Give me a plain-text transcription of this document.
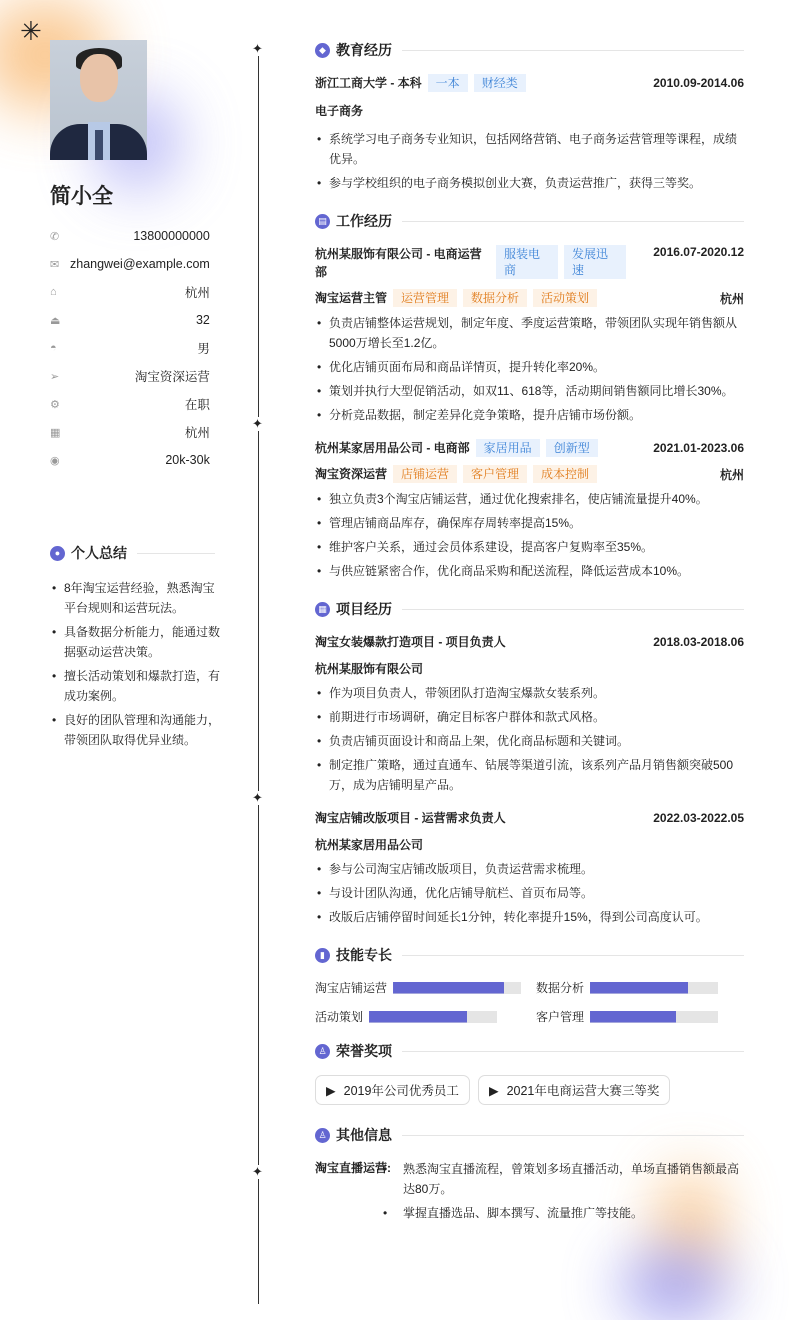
✳
简小全
✆	13800000000
✉ zhangwei@example.com
⌂	杭州
⏏	32
◓	男
➢	淘宝资深运营
⚙	在职
▦	杭州
◉	20k-30k
● 个人总结
• 8年淘宝运营经验，熟悉淘宝平台规则和运营玩法。
• 具备数据分析能力，能通过数据驱动运营决策。
• 擅长活动策划和爆款打造，有成功案例。
• 良好的团队管理和沟通能力，带领团队取得优异业绩。
✦
✦
✦
✦
◆ 教育经历
浙江工商大学 - 本科 一本 财经类	2010.09-2014.06
电子商务
• 系统学习电子商务专业知识，包括网络营销、电子商务运营管理等课程，成绩优异。
• 参与学校组织的电子商务模拟创业大赛，负责运营推广，获得三等奖。
▤ 工作经历
杭州某服饰有限公司 - 电商运营部
服装电商
发展迅速
2016.07-2020.12
淘宝运营主管 运营管理 数据分析 活动策划	杭州
• 负责店铺整体运营规划，制定年度、季度运营策略，带领团队实现年销售额从5000万增长至1.2亿。
• 优化店铺页面布局和商品详情页，提升转化率20%。
• 策划并执行大型促销活动，如双11、618等，活动期间销售额同比增长30%。
• 分析竞品数据，制定差异化竞争策略，提升店铺市场份额。
杭州某家居用品公司 - 电商部 家居用品 创新型	2021.01-2023.06
淘宝资深运营 店铺运营 客户管理 成本控制	杭州
• 独立负责3个淘宝店铺运营，通过优化搜索排名，使店铺流量提升40%。
• 管理店铺商品库存，确保库存周转率提高15%。
• 维护客户关系，通过会员体系建设，提高客户复购率至35%。
• 与供应链紧密合作，优化商品采购和配送流程，降低运营成本10%。
▦ 项目经历
淘宝女装爆款打造项目 - 项目负责人	2018.03-2018.06
杭州某服饰有限公司
• 作为项目负责人，带领团队打造淘宝爆款女装系列。
• 前期进行市场调研，确定目标客户群体和款式风格。
• 负责店铺页面设计和商品上架，优化商品标题和关键词。
• 制定推广策略，通过直通车、钻展等渠道引流，该系列产品月销售额突破500万，成为店铺明星产品。
淘宝店铺改版项目 - 运营需求负责人	2022.03-2022.05
杭州某家居用品公司
• 参与公司淘宝店铺改版项目，负责运营需求梳理。
• 与设计团队沟通，优化店铺导航栏、首页布局等。
• 改版后店铺停留时间延长1分钟，转化率提升15%，得到公司高度认可。
▮ 技能专长
淘宝店铺运营	数据分析
活动策划	客户管理
♙ 荣誉奖项
▶ 2019年公司优秀员工 ▶ 2021年电商运营大赛三等奖
♙ 其他信息
淘宝直播运营:	• 熟悉淘宝直播流程，曾策划多场直播活动，单场直播销售额最高达80万。
• 掌握直播选品、脚本撰写、流量推广等技能。
